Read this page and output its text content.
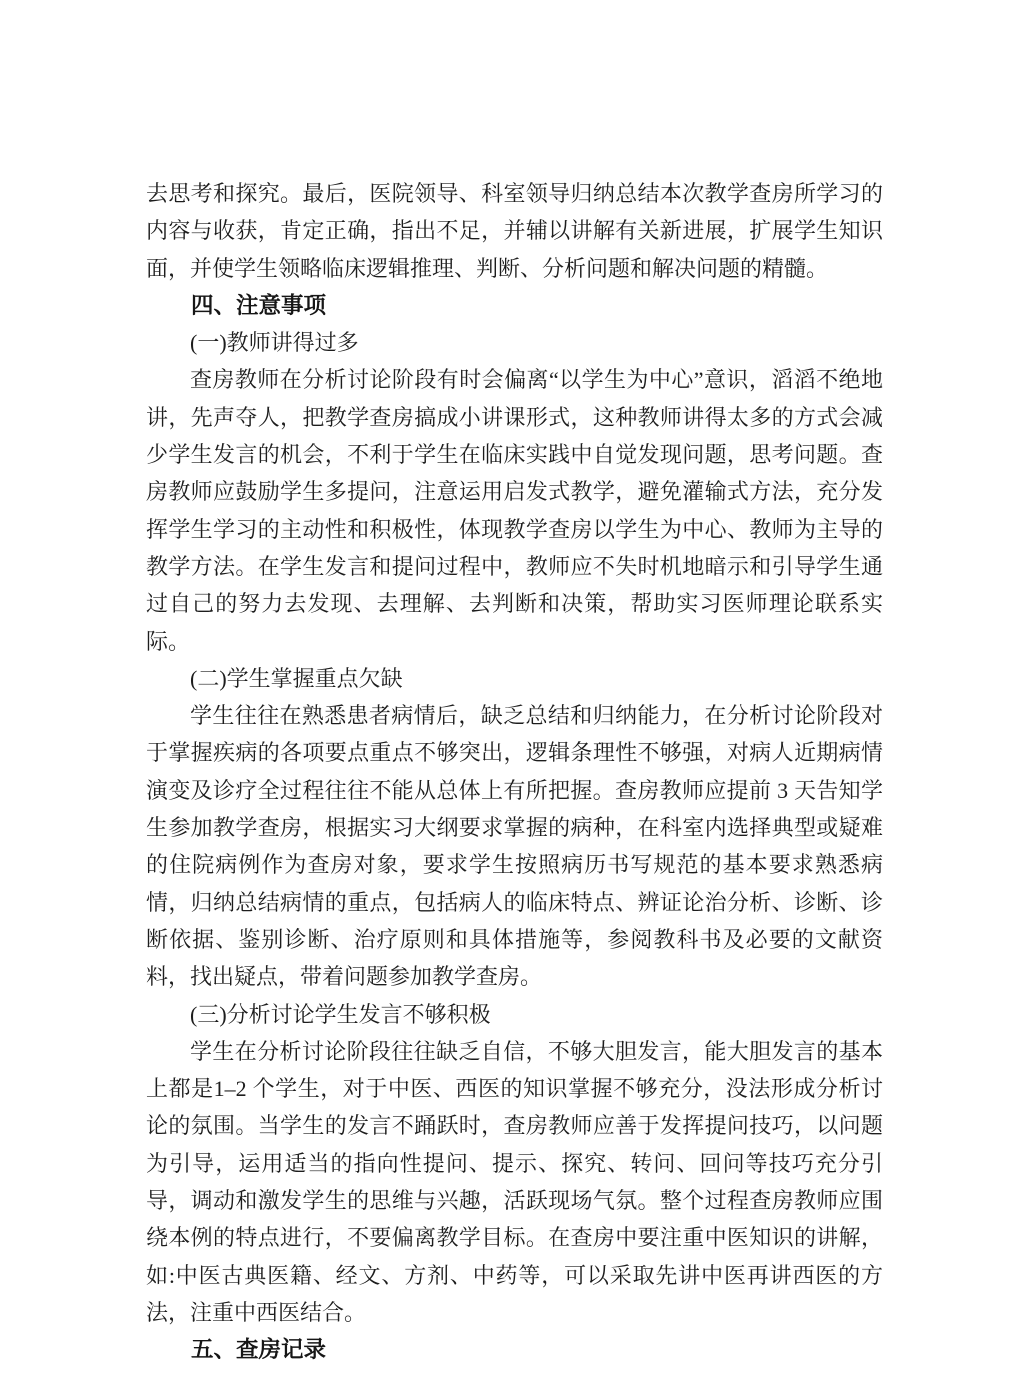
去思考和探究。最后，医院领导、科室领导归纳总结本次教学查房所学习的内容与收获，肯定正确，指出不足，并辅以讲解有关新进展，扩展学生知识面，并使学生领略临床逻辑推理、判断、分析问题和解决问题的精髓。

四、注意事项

(一)教师讲得过多

查房教师在分析讨论阶段有时会偏离“以学生为中心”意识，滔滔不绝地讲，先声夺人，把教学查房搞成小讲课形式，这种教师讲得太多的方式会减少学生发言的机会，不利于学生在临床实践中自觉发现问题，思考问题。查房教师应鼓励学生多提问，注意运用启发式教学，避免灌输式方法，充分发挥学生学习的主动性和积极性，体现教学查房以学生为中心、教师为主导的教学方法。在学生发言和提问过程中，教师应不失时机地暗示和引导学生通过自己的努力去发现、去理解、去判断和决策，帮助实习医师理论联系实际。

(二)学生掌握重点欠缺

学生往往在熟悉患者病情后，缺乏总结和归纳能力，在分析讨论阶段对于掌握疾病的各项要点重点不够突出，逻辑条理性不够强，对病人近期病情演变及诊疗全过程往往不能从总体上有所把握。查房教师应提前 3 天告知学生参加教学查房，根据实习大纲要求掌握的病种，在科室内选择典型或疑难的住院病例作为查房对象，要求学生按照病历书写规范的基本要求熟悉病情，归纳总结病情的重点，包括病人的临床特点、辨证论治分析、诊断、诊断依据、鉴别诊断、治疗原则和具体措施等，参阅教科书及必要的文献资料，找出疑点，带着问题参加教学查房。

(三)分析讨论学生发言不够积极

学生在分析讨论阶段往往缺乏自信，不够大胆发言，能大胆发言的基本上都是1–2 个学生，对于中医、西医的知识掌握不够充分，没法形成分析讨论的氛围。当学生的发言不踊跃时，查房教师应善于发挥提问技巧，以问题为引导，运用适当的指向性提问、提示、探究、转问、回问等技巧充分引导，调动和激发学生的思维与兴趣，活跃现场气氛。整个过程查房教师应围绕本例的特点进行，不要偏离教学目标。在查房中要注重中医知识的讲解，如:中医古典医籍、经文、方剂、中药等，可以采取先讲中医再讲西医的方法，注重中西医结合。

五、查房记录
